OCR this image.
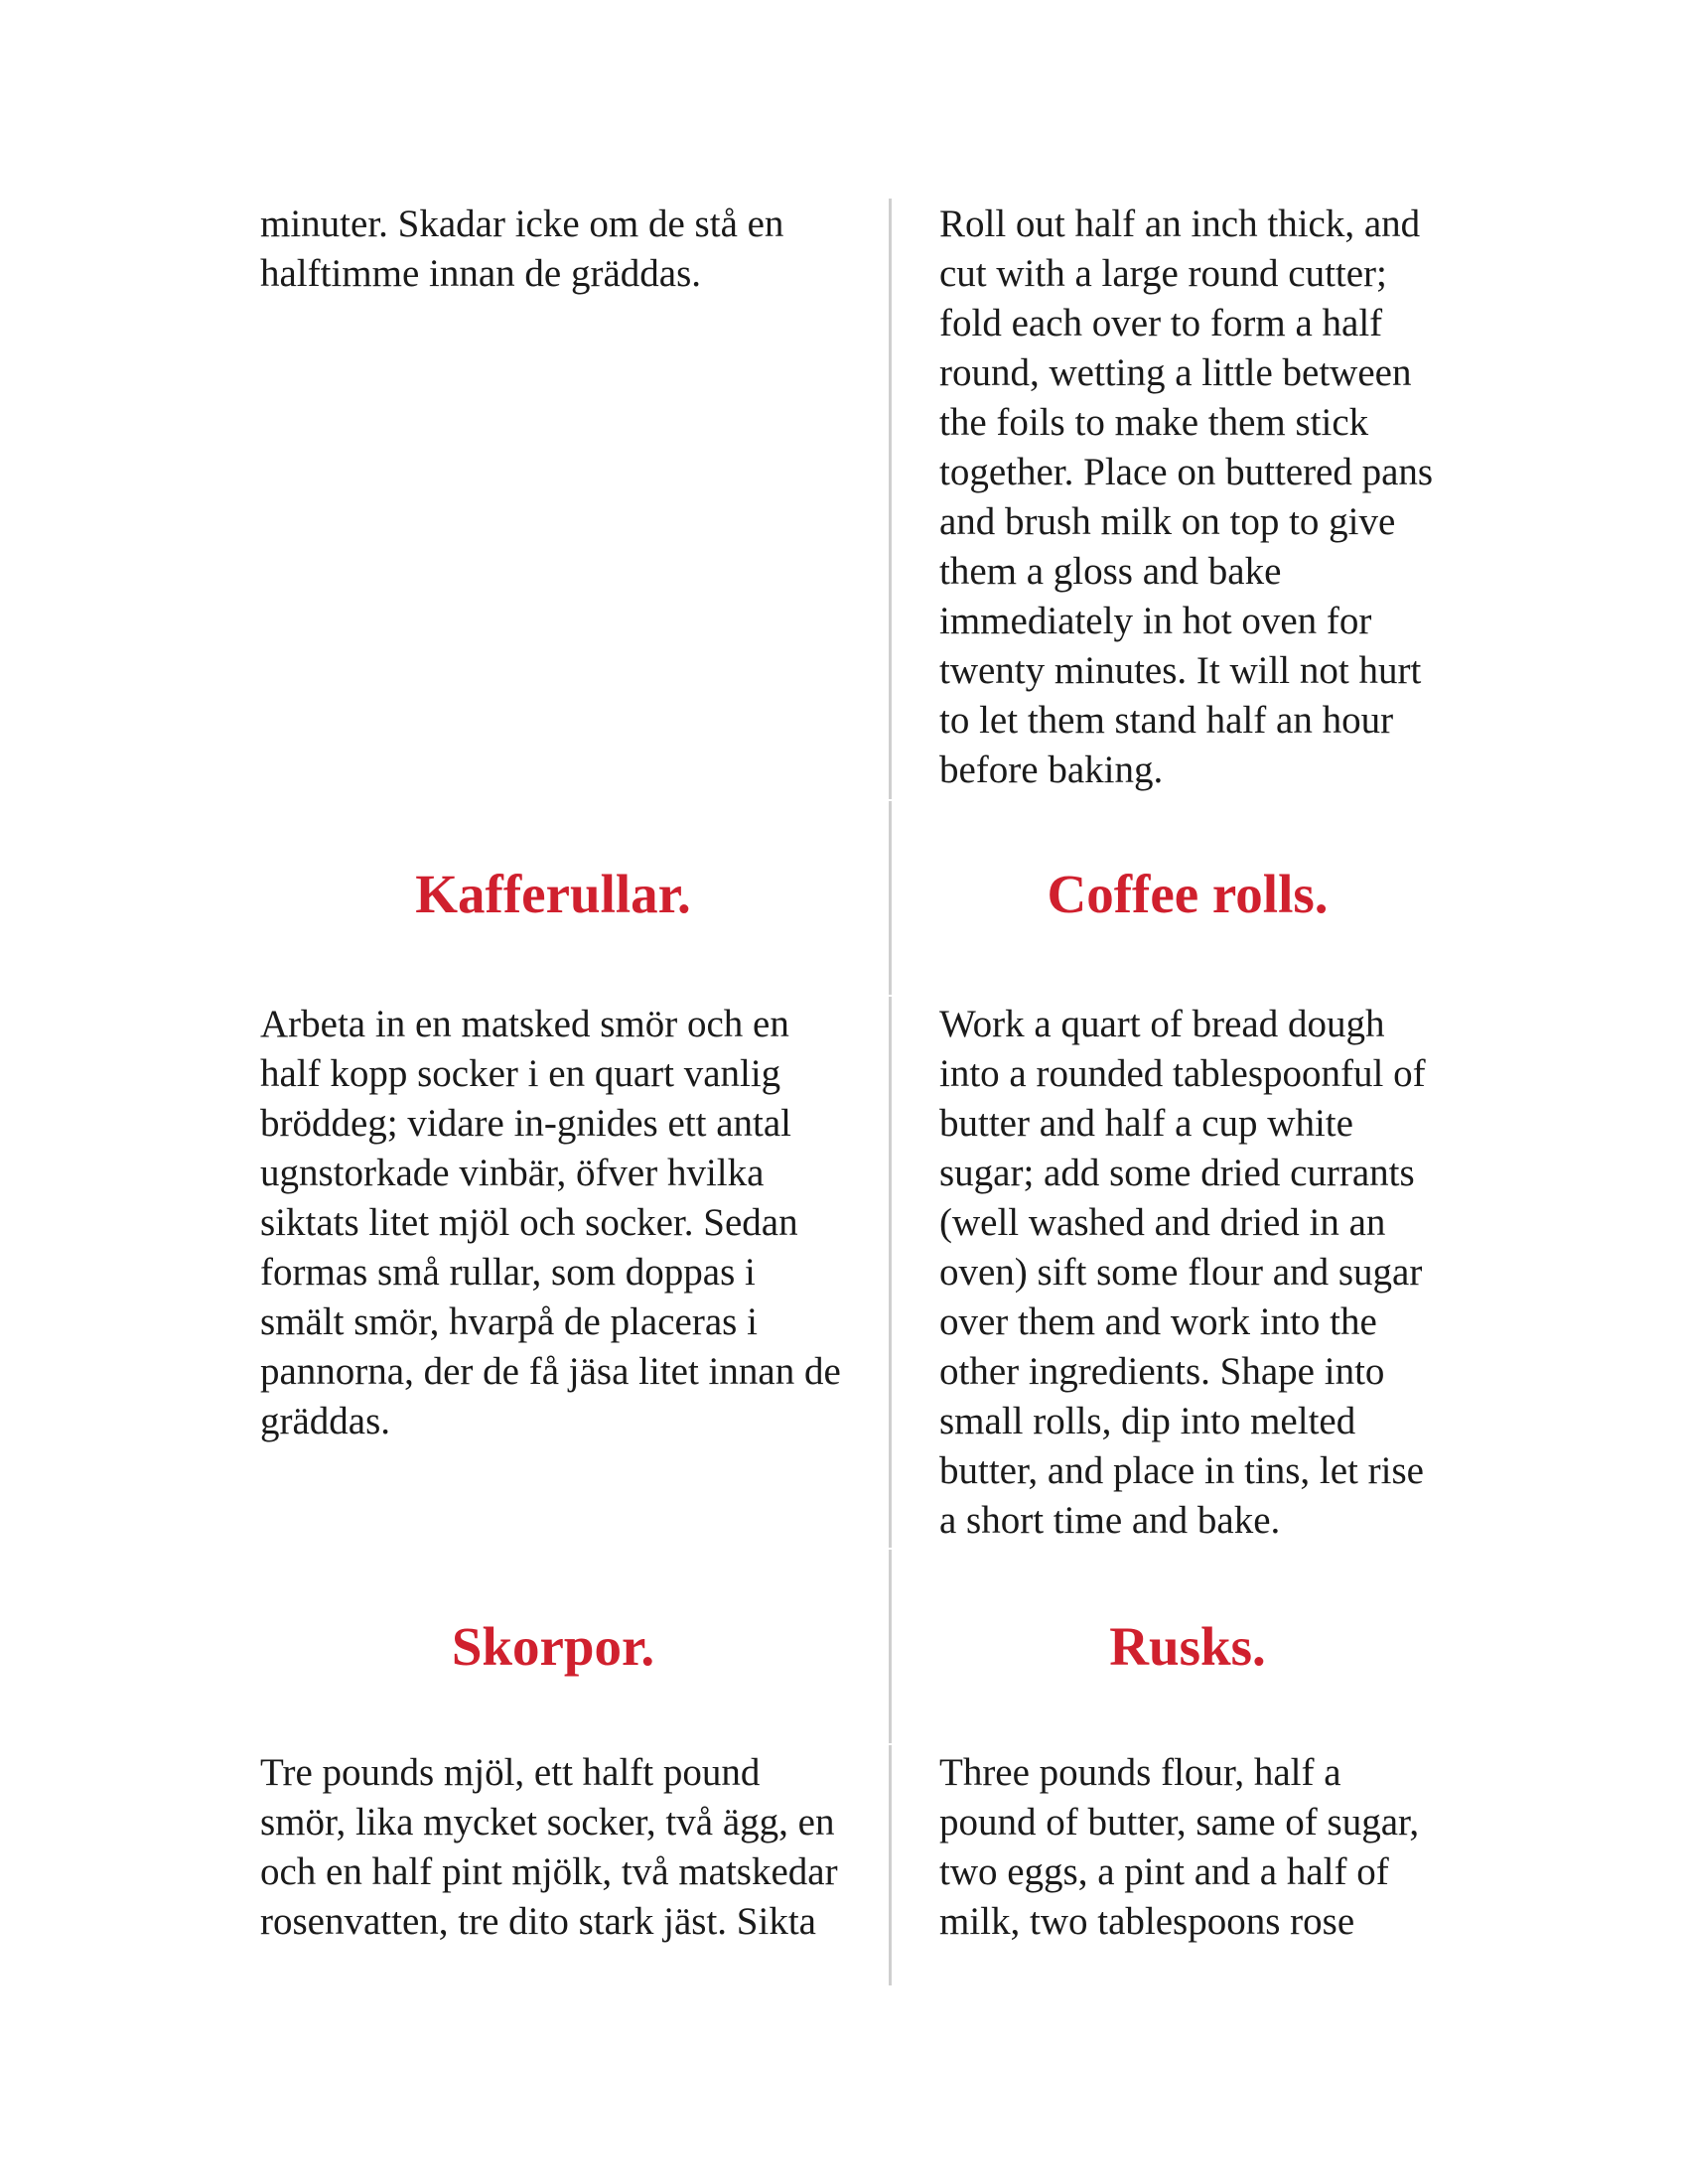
minuter. Skadar icke om de stå en
halftimme innan de gräddas.

Roll out half an inch thick, and
cut with a large round cutter;
fold each over to form a half
round, wetting a little between
the foils to make them stick
together. Place on buttered pans
and brush milk on top to give
them a gloss and bake
immediately in hot oven for
twenty minutes. It will not hurt
to let them stand half an hour
before baking.

Kafferullar.	Coffee rolls.

Arbeta in en matsked smör och en
half kopp socker i en quart vanlig
bröddeg; vidare in-gnides ett antal
ugnstorkade vinbär, öfver hvilka
siktats litet mjöl och socker. Sedan
formas små rullar, som doppas i
smält smör, hvarpå de placeras i
pannorna, der de få jäsa litet innan de
gräddas.

Work a quart of bread dough
into a rounded tablespoonful of
butter and half a cup white
sugar; add some dried currants
(well washed and dried in an
oven) sift some flour and sugar
over them and work into the
other ingredients. Shape into
small rolls, dip into melted
butter, and place in tins, let rise
a short time and bake.

Skorpor.	Rusks.

Tre pounds mjöl, ett halft pound
smör, lika mycket socker, två ägg, en
och en half pint mjölk, två matskedar
rosenvatten, tre dito stark jäst. Sikta

Three pounds flour, half a
pound of butter, same of sugar,
two eggs, a pint and a half of
milk, two tablespoons rose
